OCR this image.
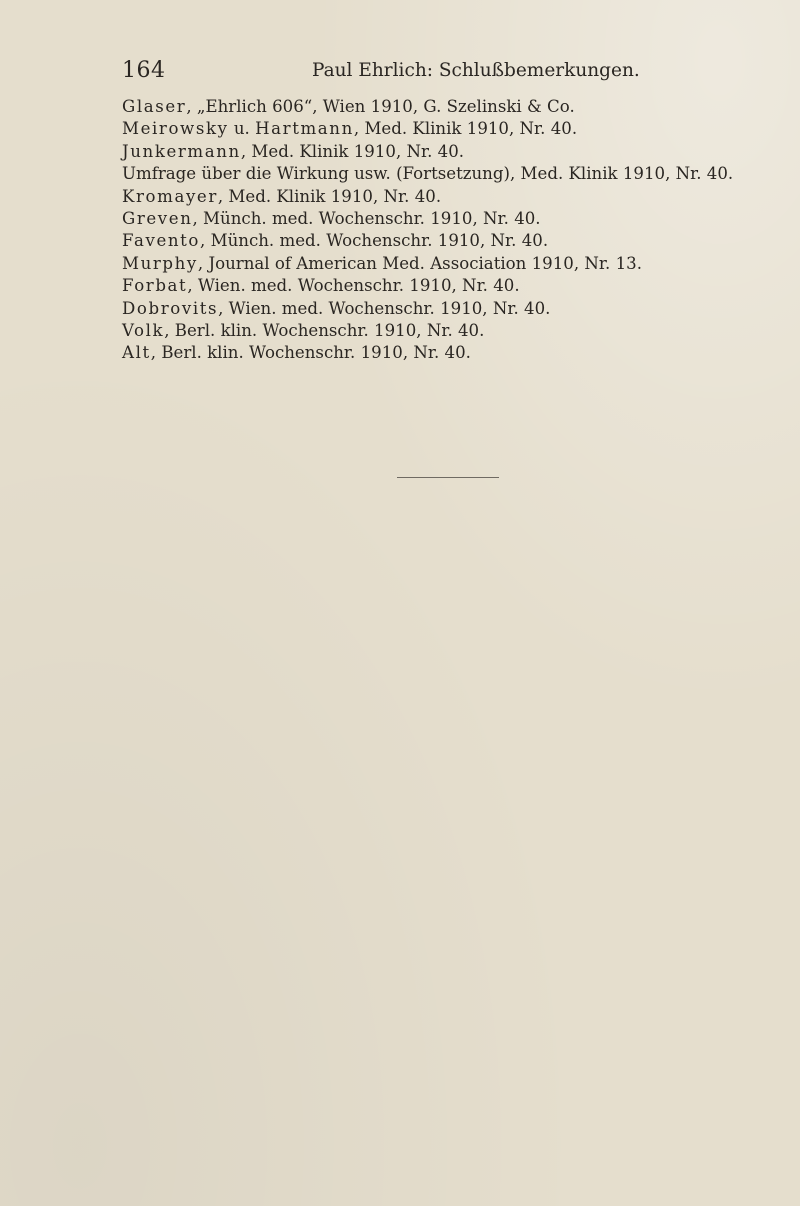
164	Paul Ehrlich: Schlußbemerkungen.
Glaser, „Ehrlich 606“, Wien 1910, G. Szelinski & Co.
Meirowsky u. Hartmann, Med. Klinik 1910, Nr. 40.
Junkermann, Med. Klinik 1910, Nr. 40.
Umfrage über die Wirkung usw. (Fortsetzung), Med. Klinik 1910, Nr. 40.
Kromayer, Med. Klinik 1910, Nr. 40.
Greven, Münch. med. Wochenschr. 1910, Nr. 40.
Favento, Münch. med. Wochenschr. 1910, Nr. 40.
Murphy, Journal of American Med. Association 1910, Nr. 13.
Forbat, Wien. med. Wochenschr. 1910, Nr. 40.
Dobrovits, Wien. med. Wochenschr. 1910, Nr. 40.
Volk, Berl. klin. Wochenschr. 1910, Nr. 40.
Alt, Berl. klin. Wochenschr. 1910, Nr. 40.
